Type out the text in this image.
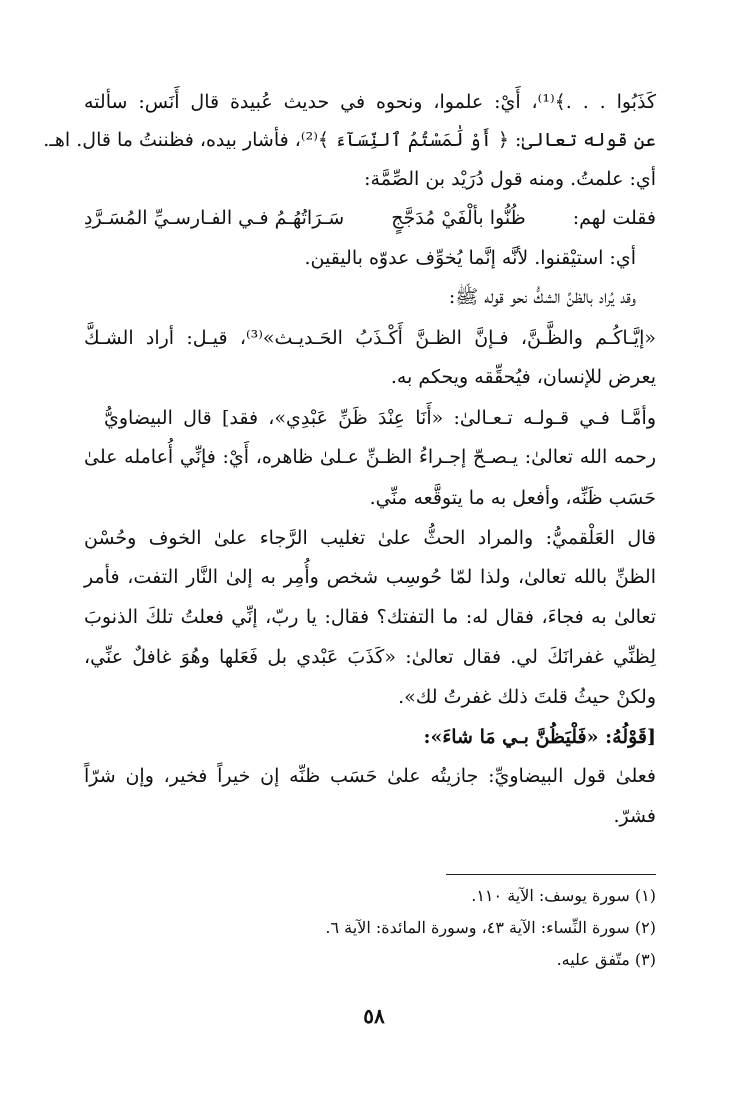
كَذَبُوا . . .﴾⁽¹⁾، أَيْ: علموا، ونحوه في حديث عُبيدة قال أَنَس: سألته
عن قوله تعالىٰ: ﴿ أَوْ لَٰمَسْتُمُ ٱلنِّسَآءَ ﴾⁽²⁾، فأشار بيده، فظننتُ ما قال. اهـ.
أي: علمتُ. ومنه قول دُرَيْد بن الصِّمَّة:
فقلت لهم:
ظُنُّوا بألْفَيْ مُدَجَّجٍ
سَـرَاتُهُـمُ فـي الفـارسـيِّ المُسَـرَّدِ
أي: استيْقنوا. لأنَّه إنَّما يُخوِّف عدوّه باليقين.
وقد يُراد بالظنِّ الشكُّ نحو قوله ﷺ:
«إيَّـاكُـم والظَّـنَّ، فـإنَّ الظـنَّ أَكْـذَبُ الحَـديـث»⁽³⁾، قيـل: أراد الشـكَّ
يعرض للإنسان، فيُحقِّقه ويحكم به.
وأمَّـا فـي قـولـه تـعـالىٰ: «أَنَا عِنْدَ ظَنِّ عَبْدِي»، فقد] قال البيضاويُّ
رحمه الله تعالىٰ: يـصـحّ إجـراءُ الظـنِّ عـلىٰ ظاهره، أَيْ: فإنِّي أُعامله علىٰ
حَسَب ظَنِّه، وأفعل به ما يتوقَّعه منِّي.
قال العَلْقميُّ: والمراد الحثُّ علىٰ تغليب الرَّجاء علىٰ الخوف وحُسْن
الظنِّ بالله تعالىٰ، ولذا لمّا حُوسِب شخص وأُمِر به إلىٰ النَّار التفت، فأمر
تعالىٰ به فجاءَ، فقال له: ما التفتك؟ فقال: يا ربّ، إنِّي فعلتُ تلكَ الذنوبَ
لِظنِّي غفرانَكَ لي. فقال تعالىٰ: «كَذَبَ عَبْدي بل فَعَلها وهُوَ غافلٌ عنِّي،
ولكنْ حيثُ قلتَ ذلك غفرتُ لك».
[قَوْلُهُ: «فَلْيَظُنَّ بـي مَا شاءَ»:
فعلىٰ قول البيضاويِّ: جازيتُه علىٰ حَسَب ظنِّه إن خيراً فخير، وإن شرّاً
فشرّ.
(١) سورة يوسف: الآية ١١٠.
(٢) سورة النِّساء: الآية ٤٣، وسورة المائدة: الآية ٦.
(٣) متّفق عليه.
٥٨
